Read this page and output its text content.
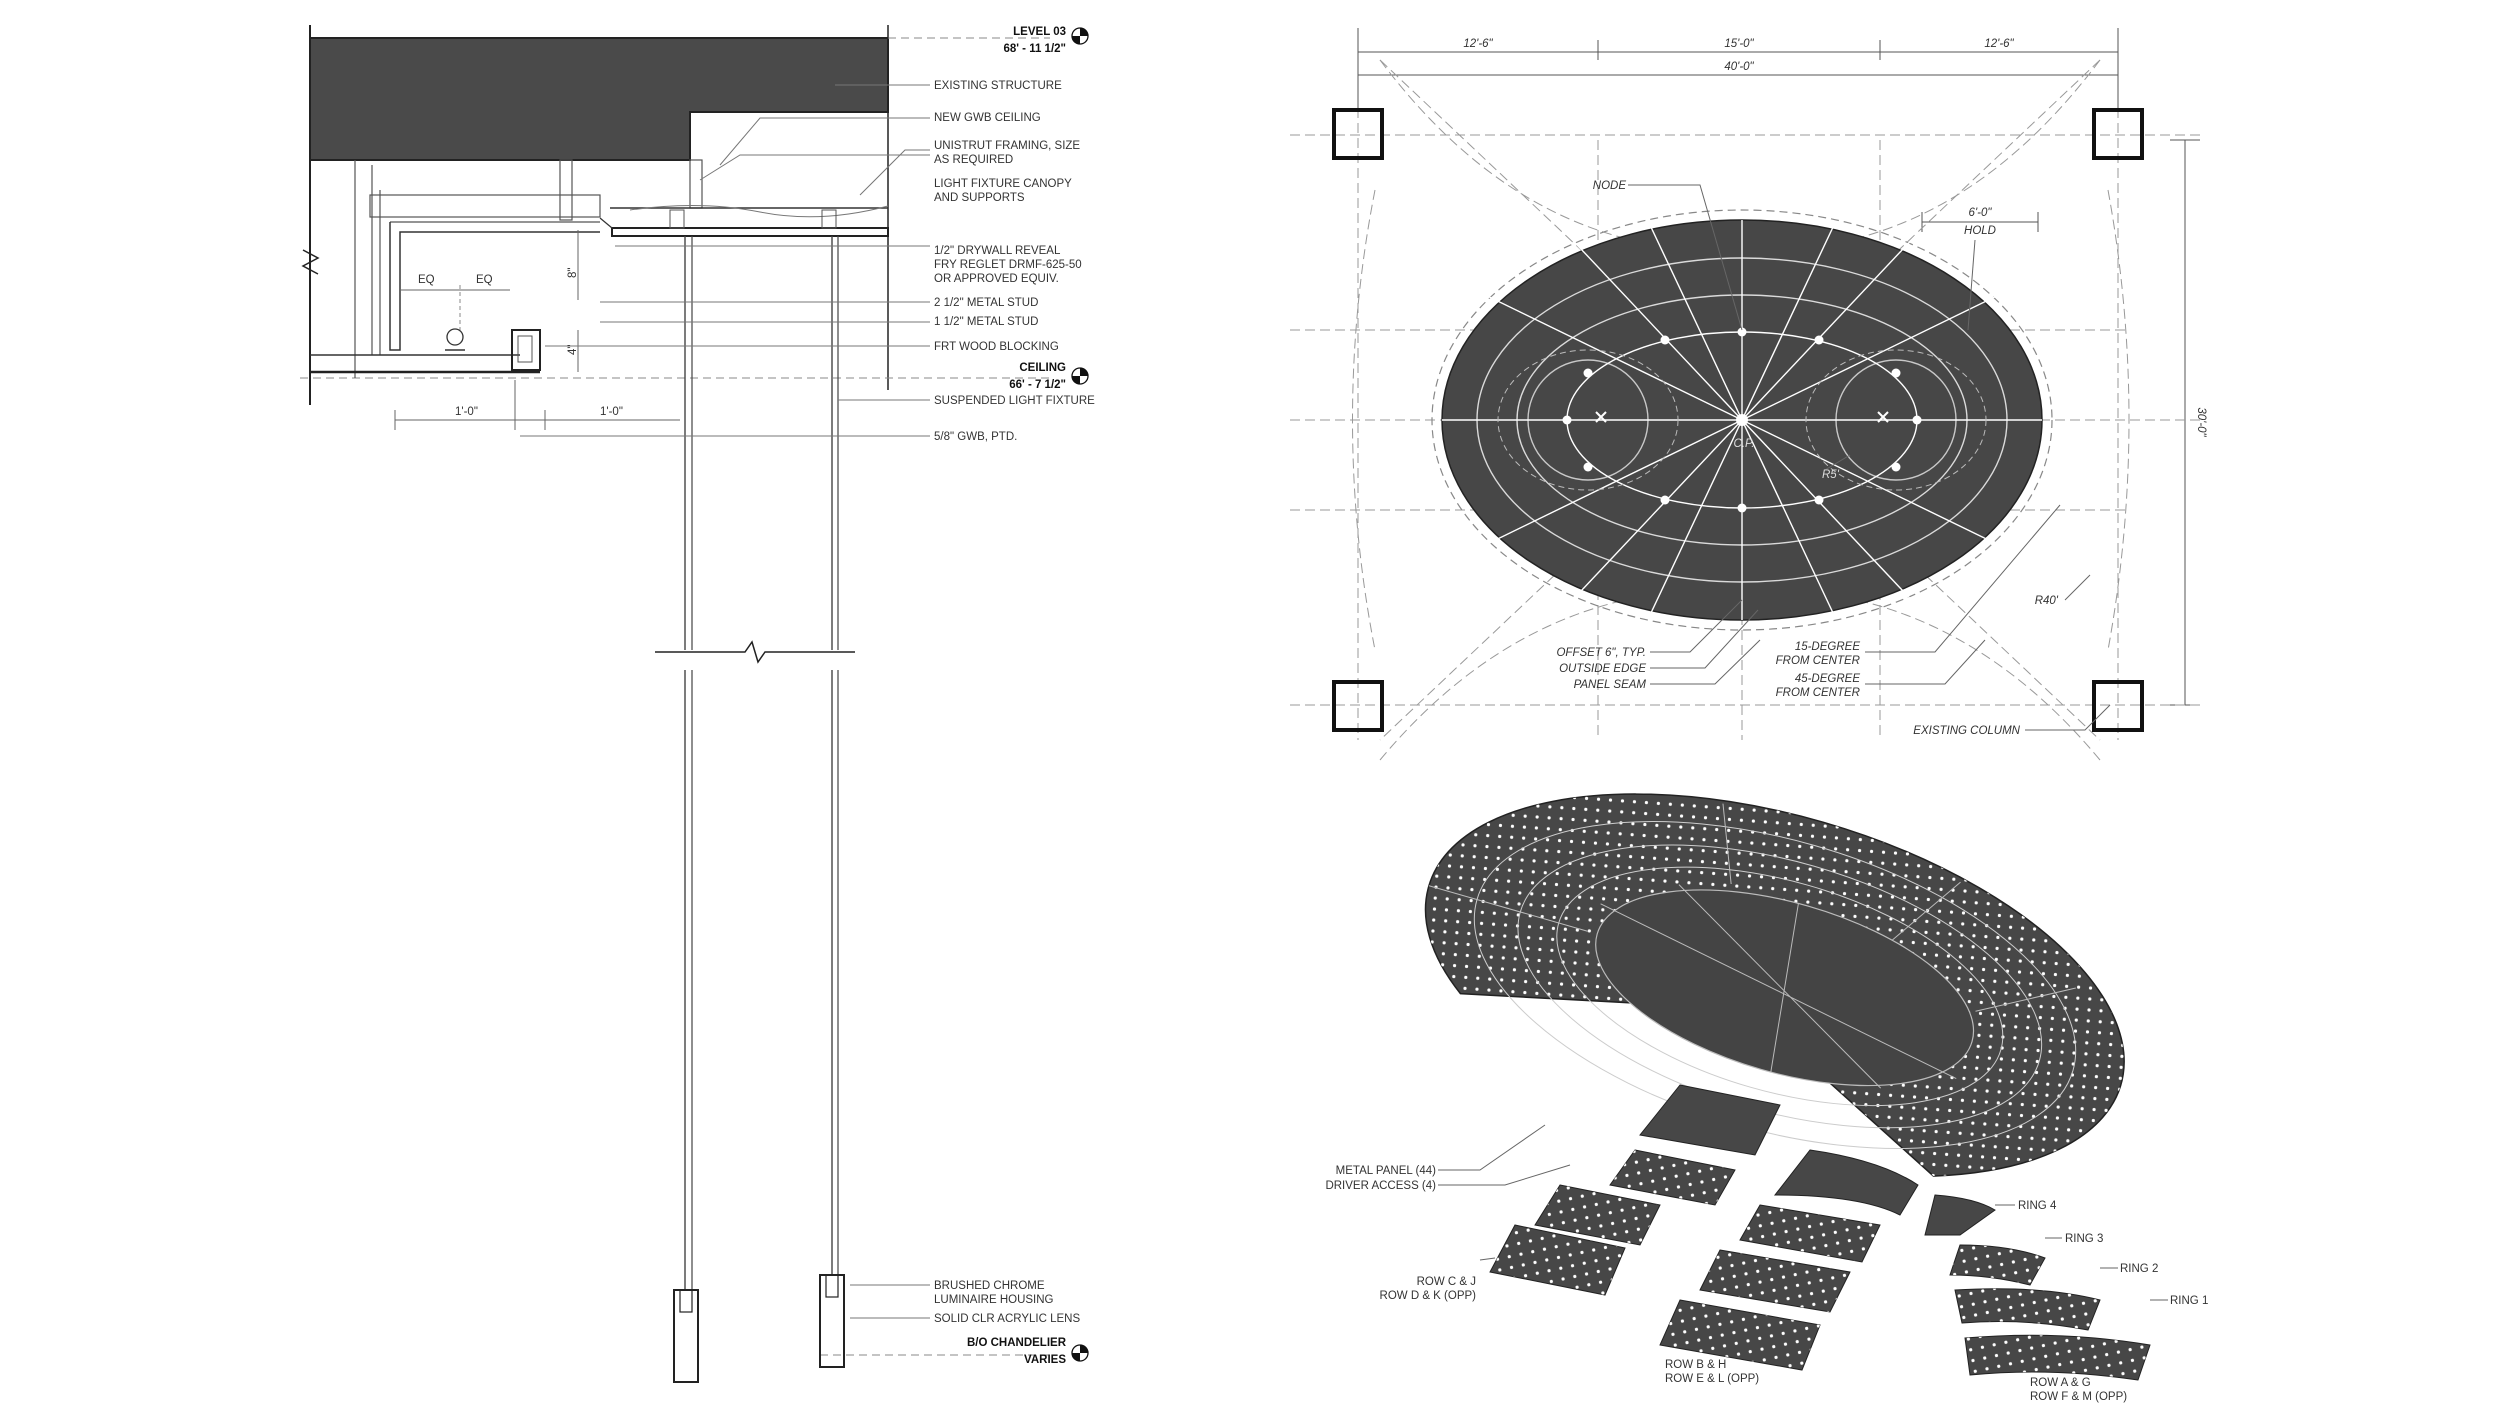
LEVEL 03
68' - 11 1/2"
CEILING
66' - 7 1/2"
B/O CHANDELIER
VARIES
EXISTING STRUCTURE
NEW GWB CEILING
UNISTRUT FRAMING, SIZE
AS REQUIRED
LIGHT FIXTURE CANOPY
AND SUPPORTS
1/2" DRYWALL REVEAL
FRY REGLET DRMF-625-50
OR APPROVED EQUIV.
2 1/2" METAL STUD
1 1/2" METAL STUD
FRT WOOD BLOCKING
SUSPENDED LIGHT FIXTURE
5/8" GWB, PTD.
BRUSHED CHROME
LUMINAIRE HOUSING
SOLID CLR ACRYLIC LENS
EQ	EQ
8"
4"
1'-0"	1'-0"
12'-6"	15'-0"	12'-6"
40'-0"
30'-0"
6'-0"
HOLD
NODE
C.P.
R5'
R40'
OFFSET 6", TYP.
OUTSIDE EDGE
PANEL SEAM
15-DEGREE
FROM CENTER
45-DEGREE
FROM CENTER
EXISTING COLUMN
METAL PANEL (44)
DRIVER ACCESS (4)
RING 4
RING 3
RING 2
RING 1
ROW C & J
ROW D & K (OPP)
ROW B & H
ROW E & L (OPP)	ROW A & G
ROW F & M (OPP)
